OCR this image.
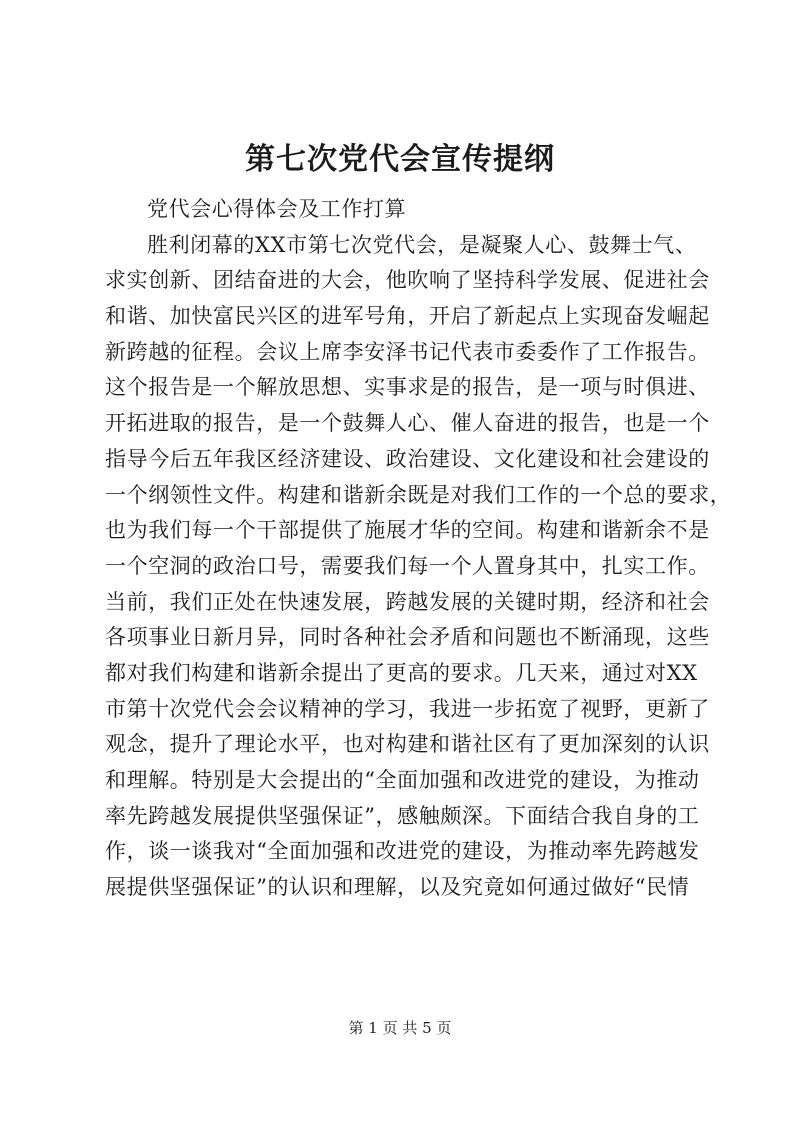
第七次党代会宣传提纲
党代会心得体会及工作打算
胜利闭幕的XX市第七次党代会，是凝聚人心、鼓舞士气、
求实创新、团结奋进的大会，他吹响了坚持科学发展、促进社会
和谐、加快富民兴区的进军号角，开启了新起点上实现奋发崛起
新跨越的征程。会议上席李安泽书记代表市委委作了工作报告。
这个报告是一个解放思想、实事求是的报告，是一项与时俱进、
开拓进取的报告，是一个鼓舞人心、催人奋进的报告，也是一个
指导今后五年我区经济建设、政治建设、文化建设和社会建设的
一个纲领性文件。构建和谐新余既是对我们工作的一个总的要求，
也为我们每一个干部提供了施展才华的空间。构建和谐新余不是
一个空洞的政治口号，需要我们每一个人置身其中，扎实工作。
当前，我们正处在快速发展，跨越发展的关键时期，经济和社会
各项事业日新月异，同时各种社会矛盾和问题也不断涌现，这些
都对我们构建和谐新余提出了更高的要求。几天来，通过对XX
市第十次党代会会议精神的学习，我进一步拓宽了视野，更新了
观念，提升了理论水平，也对构建和谐社区有了更加深刻的认识
和理解。特别是大会提出的“全面加强和改进党的建设，为推动
率先跨越发展提供坚强保证”，感触颇深。下面结合我自身的工
作，谈一谈我对“全面加强和改进党的建设，为推动率先跨越发
展提供坚强保证”的认识和理解，以及究竟如何通过做好“民情
第 1 页 共 5 页
